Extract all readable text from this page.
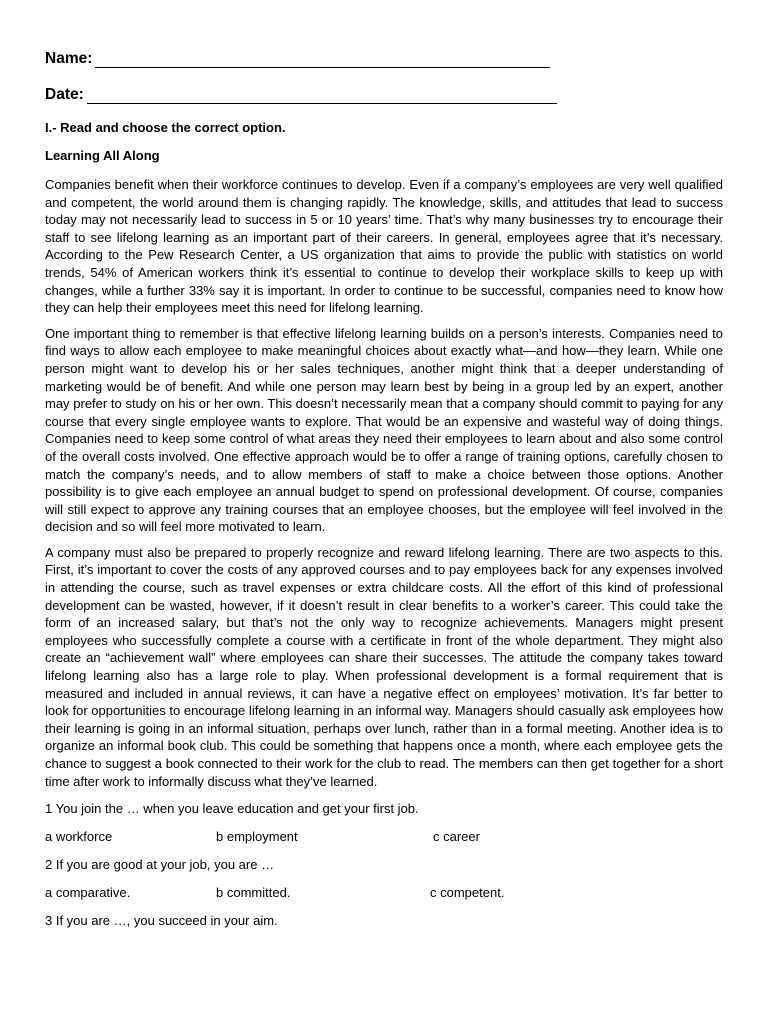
Name:
Date:
I.- Read and choose the correct option.
Learning All Along

Companies benefit when their workforce continues to develop. Even if a company’s employees are very well qualified and competent, the world around them is changing rapidly. The knowledge, skills, and attitudes that lead to success today may not necessarily lead to success in 5 or 10 years’ time. That’s why many businesses try to encourage their staff to see lifelong learning as an important part of their careers. In general, employees agree that it’s necessary. According to the Pew Research Center, a US organization that aims to provide the public with statistics on world trends, 54% of American workers think it’s essential to continue to develop their workplace skills to keep up with changes, while a further 33% say it is important. In order to continue to be successful, companies need to know how they can help their employees meet this need for lifelong learning.

One important thing to remember is that effective lifelong learning builds on a person’s interests. Companies need to find ways to allow each employee to make meaningful choices about exactly what—and how—they learn. While one person might want to develop his or her sales techniques, another might think that a deeper understanding of marketing would be of benefit. And while one person may learn best by being in a group led by an expert, another may prefer to study on his or her own. This doesn’t necessarily mean that a company should commit to paying for any course that every single employee wants to explore. That would be an expensive and wasteful way of doing things. Companies need to keep some control of what areas they need their employees to learn about and also some control of the overall costs involved. One effective approach would be to offer a range of training options, carefully chosen to match the company’s needs, and to allow members of staff to make a choice between those options. Another possibility is to give each employee an annual budget to spend on professional development. Of course, companies will still expect to approve any training courses that an employee chooses, but the employee will feel involved in the decision and so will feel more motivated to learn.

A company must also be prepared to properly recognize and reward lifelong learning. There are two aspects to this. First, it’s important to cover the costs of any approved courses and to pay employees back for any expenses involved in attending the course, such as travel expenses or extra childcare costs. All the effort of this kind of professional development can be wasted, however, if it doesn’t result in clear benefits to a worker’s career. This could take the form of an increased salary, but that’s not the only way to recognize achievements. Managers might present employees who successfully complete a course with a certificate in front of the whole department. They might also create an “achievement wall” where employees can share their successes. The attitude the company takes toward lifelong learning also has a large role to play. When professional development is a formal requirement that is measured and included in annual reviews, it can have a negative effect on employees’ motivation. It’s far better to look for opportunities to encourage lifelong learning in an informal way. Managers should casually ask employees how their learning is going in an informal situation, perhaps over lunch, rather than in a formal meeting. Another idea is to organize an informal book club. This could be something that happens once a month, where each employee gets the chance to suggest a book connected to their work for the club to read. The members can then get together for a short time after work to informally discuss what they’ve learned.

1 You join the … when you leave education and get your first job.
a workforce	b employment	c career
2 If you are good at your job, you are …
a comparative.	b committed.	c competent.
3 If you are …, you succeed in your aim.
